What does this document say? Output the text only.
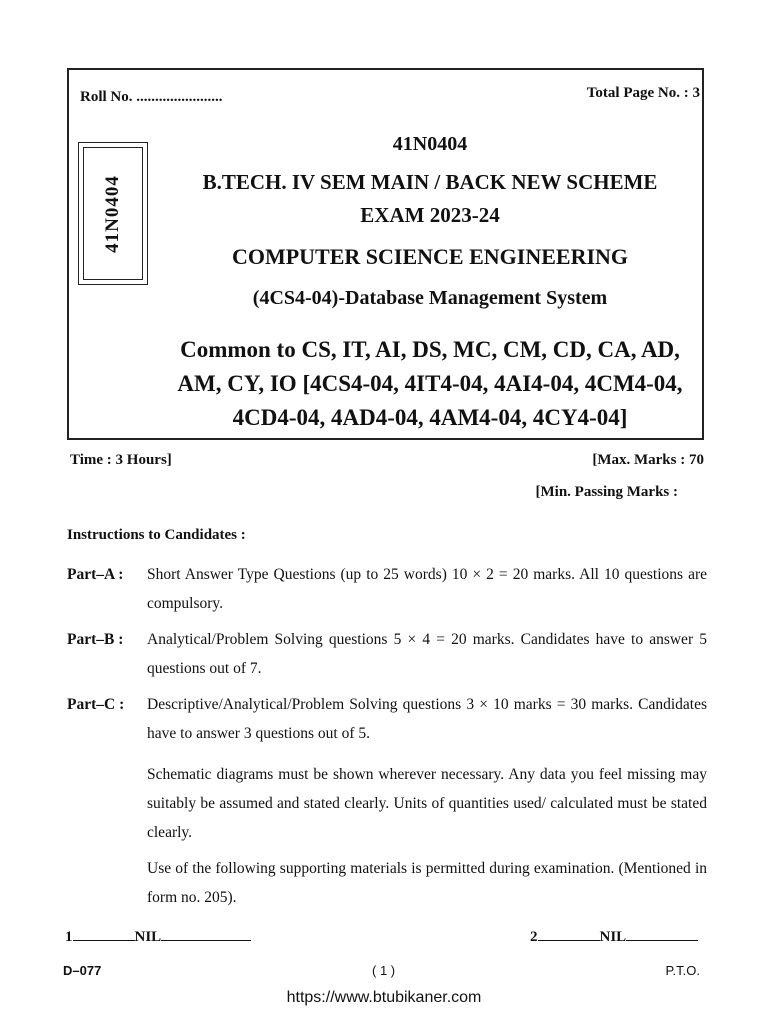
Roll No. .......................	Total Page No. : 3
41N0404
41N0404
B.TECH. IV SEM MAIN / BACK NEW SCHEME
EXAM 2023-24
COMPUTER SCIENCE ENGINEERING
(4CS4-04)-Database Management System
Common to CS, IT, AI, DS, MC, CM, CD, CA, AD,
AM, CY, IO [4CS4-04, 4IT4-04, 4AI4-04, 4CM4-04,
4CD4-04, 4AD4-04, 4AM4-04, 4CY4-04]
Time : 3 Hours]	[Max. Marks : 70
[Min. Passing Marks :
Instructions to Candidates :
Part–A : Short Answer Type Questions (up to 25 words) 10 × 2 = 20 marks. All 10 questions are compulsory.
Part–B : Analytical/Problem Solving questions 5 × 4 = 20 marks. Candidates have to answer 5 questions out of 7.
Part–C : Descriptive/Analytical/Problem Solving questions 3 × 10 marks = 30 marks. Candidates have to answer 3 questions out of 5.
Schematic diagrams must be shown wherever necessary. Any data you feel missing may suitably be assumed and stated clearly. Units of quantities used/ calculated must be stated clearly.
Use of the following supporting materials is permitted during examination. (Mentioned in form no. 205).
1	NIL	2	NIL
D–077	( 1 )	P.T.O.
https://www.btubikaner.com
